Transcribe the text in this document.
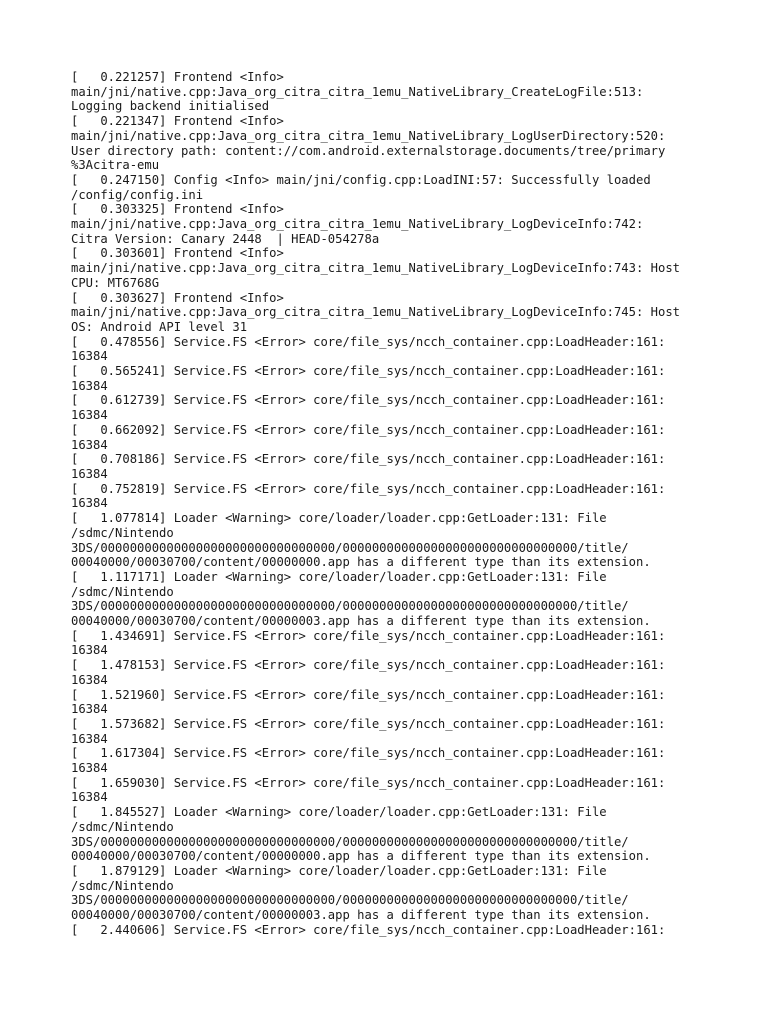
[   0.221257] Frontend <Info>
main/jni/native.cpp:Java_org_citra_citra_1emu_NativeLibrary_CreateLogFile:513:
Logging backend initialised
[   0.221347] Frontend <Info>
main/jni/native.cpp:Java_org_citra_citra_1emu_NativeLibrary_LogUserDirectory:520:
User directory path: content://com.android.externalstorage.documents/tree/primary
%3Acitra-emu
[   0.247150] Config <Info> main/jni/config.cpp:LoadINI:57: Successfully loaded
/config/config.ini
[   0.303325] Frontend <Info>
main/jni/native.cpp:Java_org_citra_citra_1emu_NativeLibrary_LogDeviceInfo:742:
Citra Version: Canary 2448  | HEAD-054278a
[   0.303601] Frontend <Info>
main/jni/native.cpp:Java_org_citra_citra_1emu_NativeLibrary_LogDeviceInfo:743: Host
CPU: MT6768G
[   0.303627] Frontend <Info>
main/jni/native.cpp:Java_org_citra_citra_1emu_NativeLibrary_LogDeviceInfo:745: Host
OS: Android API level 31
[   0.478556] Service.FS <Error> core/file_sys/ncch_container.cpp:LoadHeader:161:
16384
[   0.565241] Service.FS <Error> core/file_sys/ncch_container.cpp:LoadHeader:161:
16384
[   0.612739] Service.FS <Error> core/file_sys/ncch_container.cpp:LoadHeader:161:
16384
[   0.662092] Service.FS <Error> core/file_sys/ncch_container.cpp:LoadHeader:161:
16384
[   0.708186] Service.FS <Error> core/file_sys/ncch_container.cpp:LoadHeader:161:
16384
[   0.752819] Service.FS <Error> core/file_sys/ncch_container.cpp:LoadHeader:161:
16384
[   1.077814] Loader <Warning> core/loader/loader.cpp:GetLoader:131: File
/sdmc/Nintendo
3DS/00000000000000000000000000000000/00000000000000000000000000000000/title/
00040000/00030700/content/00000000.app has a different type than its extension.
[   1.117171] Loader <Warning> core/loader/loader.cpp:GetLoader:131: File
/sdmc/Nintendo
3DS/00000000000000000000000000000000/00000000000000000000000000000000/title/
00040000/00030700/content/00000003.app has a different type than its extension.
[   1.434691] Service.FS <Error> core/file_sys/ncch_container.cpp:LoadHeader:161:
16384
[   1.478153] Service.FS <Error> core/file_sys/ncch_container.cpp:LoadHeader:161:
16384
[   1.521960] Service.FS <Error> core/file_sys/ncch_container.cpp:LoadHeader:161:
16384
[   1.573682] Service.FS <Error> core/file_sys/ncch_container.cpp:LoadHeader:161:
16384
[   1.617304] Service.FS <Error> core/file_sys/ncch_container.cpp:LoadHeader:161:
16384
[   1.659030] Service.FS <Error> core/file_sys/ncch_container.cpp:LoadHeader:161:
16384
[   1.845527] Loader <Warning> core/loader/loader.cpp:GetLoader:131: File
/sdmc/Nintendo
3DS/00000000000000000000000000000000/00000000000000000000000000000000/title/
00040000/00030700/content/00000000.app has a different type than its extension.
[   1.879129] Loader <Warning> core/loader/loader.cpp:GetLoader:131: File
/sdmc/Nintendo
3DS/00000000000000000000000000000000/00000000000000000000000000000000/title/
00040000/00030700/content/00000003.app has a different type than its extension.
[   2.440606] Service.FS <Error> core/file_sys/ncch_container.cpp:LoadHeader:161:
